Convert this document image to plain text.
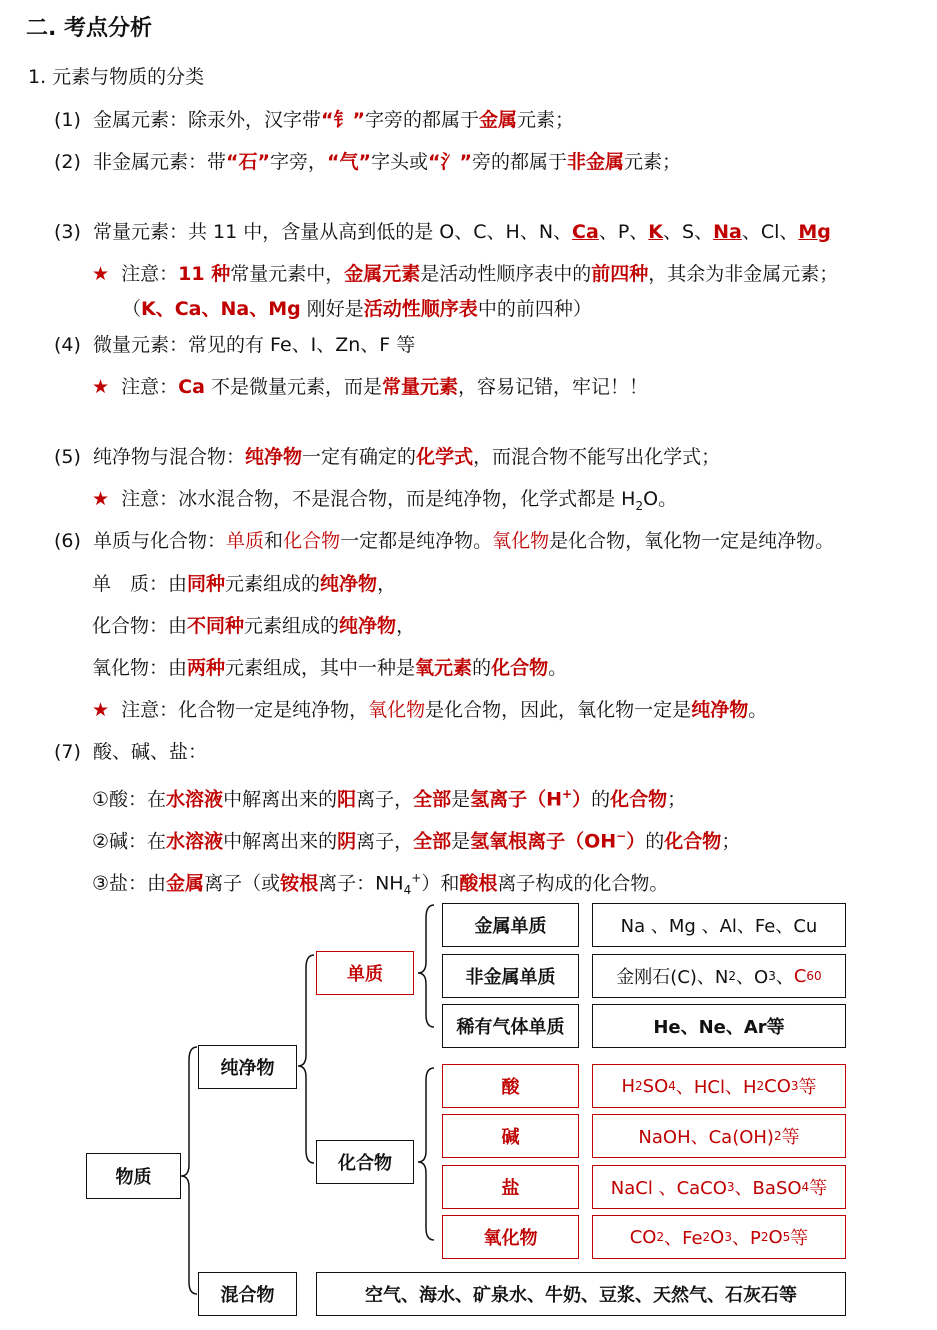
二. 考点分析
1. 元素与物质的分类
(1) 金属元素：除汞外，汉字带“钅”字旁的都属于金属元素；
(2) 非金属元素：带“石”字旁，“气”字头或“氵”旁的都属于非金属元素；
(3) 常量元素：共 11 中，含量从高到低的是 O、C、H、N、Ca、P、K、S、Na、Cl、Mg
★ 注意：11 种常量元素中，金属元素是活动性顺序表中的前四种，其余为非金属元素；
（K、Ca、Na、Mg 刚好是活动性顺序表中的前四种）
(4) 微量元素：常见的有 Fe、I、Zn、F 等
★ 注意：Ca 不是微量元素，而是常量元素，容易记错，牢记！！
(5) 纯净物与混合物：纯净物一定有确定的化学式，而混合物不能写出化学式；
★ 注意：冰水混合物，不是混合物，而是纯净物，化学式都是 $H_2O$。
(6) 单质与化合物：单质和化合物一定都是纯净物。氧化物是化合物，氧化物一定是纯净物。
单　质：由同种元素组成的纯净物，
化合物：由不同种元素组成的纯净物，
氧化物：由两种元素组成，其中一种是氧元素的化合物。
★ 注意：化合物一定是纯净物，氧化物是化合物，因此，氧化物一定是纯净物。
(7) 酸、碱、盐：
①酸：在水溶液中解离出来的阳离子，全部是氢离子（H+）的化合物；
②碱：在水溶液中解离出来的阴离子，全部是氢氧根离子（OH−）的化合物；
③盐：由金属离子（或铵根离子：$NH_4^+$）和酸根离子构成的化合物。
物质
纯净物
混合物
单质
化合物
金属单质
非金属单质
稀有气体单质
酸
碱
盐
氧化物
Na 、Mg 、Al、Fe、Cu
金刚石(C)、N 2 、O 3 、 C 60
He、Ne、Ar等
H 2 SO 4 、HCl、H 2 CO 3 等
NaOH、Ca(OH) 2 等
NaCl 、CaCO 3 、BaSO 4 等
CO 2 、Fe 2 O 3 、P 2 O 5 等
空气、海水、矿泉水、牛奶、豆浆、天然气、石灰石等
